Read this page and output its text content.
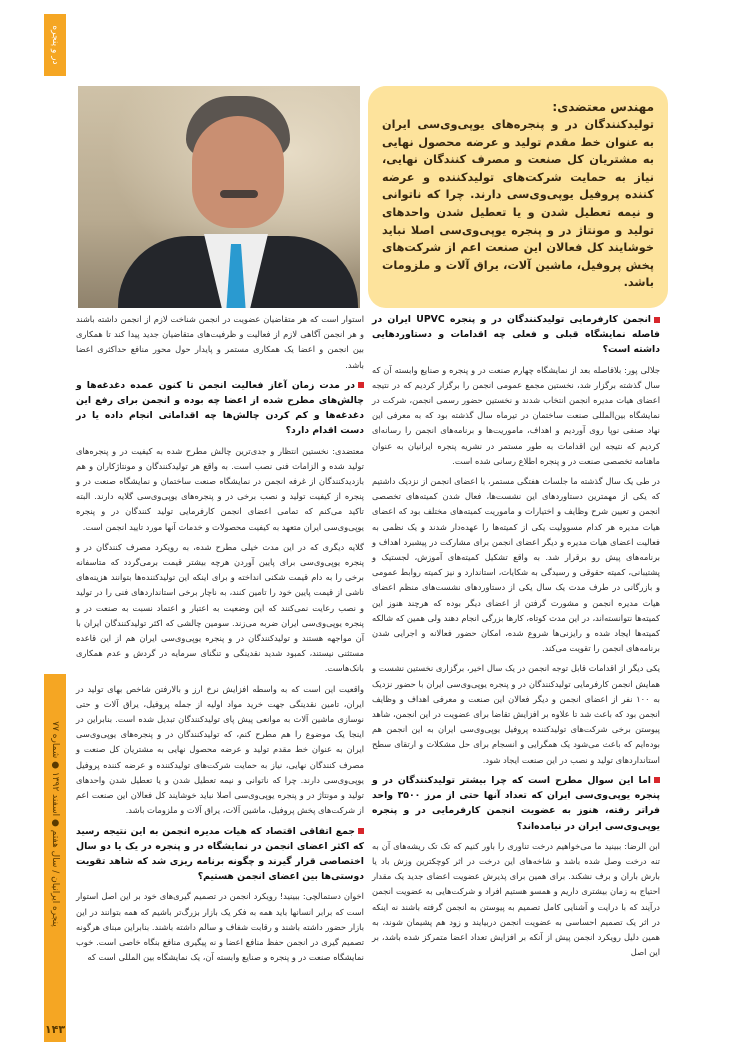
در و پنجره
پنجره ایرانیان / سال هفتم ● اسفند ۱۳۹۲ ● شماره ۷۷
۱۴۳

مهندس معتضدی:

تولیدکنندگان در و پنجره‌های یوپی‌وی‌سی ایران به عنوان خط مقدم تولید و عرضه محصول نهایی به مشتریان کل صنعت و مصرف کنندگان نهایی، نیاز به حمایت شرکت‌های تولیدکننده و عرضه کننده پروفیل یوپی‌وی‌سی دارند. چرا که ناتوانی و نیمه تعطیل شدن و یا تعطیل شدن واحدهای تولید و مونتاژ در و پنجره یوپی‌وی‌سی اصلا نباید خوشایند کل فعالان این صنعت اعم از شرکت‌های پخش پروفیل، ماشین آلات، یراق آلات و ملزومات باشد.

انجمن کارفرمایی تولیدکنندگان در و پنجره UPVC ایران در فاصله نمایشگاه قبلی و فعلی چه اقدامات و دستاوردهایی داشته است؟

جلالی پور: بلافاصله بعد از نمایشگاه چهارم صنعت در و پنجره و صنایع وابسته آن که سال گذشته برگزار شد، نخستین مجمع عمومی انجمن را برگزار کردیم که در نتیجه اعضای هیات مدیره انجمن انتخاب شدند و نخستین حضور رسمی انجمن، شرکت در نمایشگاه بین‌المللی صنعت ساختمان در تیرماه سال گذشته بود که به معرفی این نهاد صنفی نوپا روی آوردیم و اهداف، ماموریت‌ها و برنامه‌های انجمن را رسانه‌ای کردیم که نتیجه این اقدامات به طور مستمر در نشریه پنجره ایرانیان به عنوان ماهنامه تخصصی صنعت در و پنجره اطلاع رسانی شده است.

در طی یک سال گذشته ما جلسات هفتگی مستمر، با اعضای انجمن از نزدیک داشتیم که یکی از مهمترین دستاوردهای این نشست‌ها، فعال شدن کمیته‌های تخصصی انجمن و تعیین شرح وظایف و اختیارات و ماموریت کمیته‌های مختلف بود که اعضای هیات مدیره هر کدام مسوولیت یکی از کمیته‌ها را عهده‌دار شدند و یک نظمی به فعالیت اعضای هیات مدیره و دیگر اعضای انجمن برای مشارکت در پیشبرد اهداف و برنامه‌های پیش رو برقرار شد. به واقع تشکیل کمیته‌های آموزش، لجستیک و پشتیبانی، کمیته حقوقی و رسیدگی به شکایات، استاندارد و نیز کمیته روابط عمومی و بازرگانی در طرف مدت یک سال یکی از دستاوردهای نشست‌های منظم اعضای هیات مدیره انجمن و مشورت گرفتن از اعضای دیگر بوده که هرچند هنوز این کمیته‌ها نتوانسته‌اند، در این مدت کوتاه، کارها بزرگی انجام دهند ولی همین که شالکه کمیته‌ها ایجاد شده و رایزنی‌ها شروع شده، امکان حضور فعالانه و اجرایی شدن برنامه‌های انجمن را تقویت می‌کند.

یکی دیگر از اقدامات قابل توجه انجمن در یک سال اخیر، برگزاری نخستین نشست و همایش انجمن کارفرمایی تولیدکنندگان در و پنجره یوپی‌وی‌سی ایران با حضور نزدیک به ۱۰۰ نفر از اعضای انجمن و دیگر فعالان این صنعت و معرفی اهداف و وظایف انجمن بود که باعث شد تا علاوه بر افزایش تقاضا برای عضویت در این انجمن، شاهد پیوستن برخی شرکت‌های تولیدکننده پروفیل یوپی‌وی‌سی ایران به این انجمن هم بوده‌ایم که باعث می‌شود یک همگرایی و انسجام برای حل مشکلات و ارتقای سطح استانداردهای تولید و نصب در این صنعت ایجاد شود.

اما این سوال مطرح است که چرا بیشتر تولیدکنندگان در و پنجره یوپی‌وی‌سی ایران که تعداد آنها حتی از مرز ۳۵۰۰ واحد فراتر رفته، هنوز به عضویت انجمن کارفرمایی در و پنجره یوپی‌وی‌سی ایران در نیامده‌اند؟

ابن الرضا: ببینید ما می‌خواهیم درخت تناوری را باور کنیم که تک تک ریشه‌های آن به تنه درخت وصل شده باشد و شاخه‌های این درخت در اثر کوچکترین وزش باد یا بارش باران و برف نشکند. برای همین برای پذیرش عضویت اعضای جدید یک مقدار احتیاج به زمان بیشتری داریم و همسو هستیم افراد و شرکت‌هایی به عضویت انجمن درآیند که با درایت و آشنایی کامل تصمیم به پیوستن به انجمن گرفته باشند نه اینکه در اثر یک تصمیم احساسی به عضویت انجمن دربیایند و زود هم پشیمان شوند، به همین دلیل رویکرد انجمن پیش از آنکه بر افزایش تعداد اعضا متمرکز شده باشد، بر این اصل

استوار است که هر متقاضیان عضویت در انجمن شناخت لازم از انجمن داشته باشند و هر انجمن آگاهی لازم از فعالیت و ظرفیت‌های متقاضیان جدید پیدا کند تا همکاری بین انجمن و اعضا یک همکاری مستمر و پایدار حول محور منافع حداکثری اعضا باشد.

در مدت زمان آغاز فعالیت انجمن تا کنون عمده دغدغه‌ها و چالش‌های مطرح شده از اعضا چه بوده و انجمن برای رفع این دغدغه‌ها و کم کردن چالش‌ها چه اقداماتی انجام داده یا در دست اقدام دارد؟

معتضدی: نخستین انتظار و جدی‌ترین چالش مطرح شده به کیفیت در و پنجره‌های تولید شده و الزامات فنی نصب است. به واقع هر تولیدکنندگان و مونتاژکاران و هم بازدیدکنندگان از غرفه انجمن در نمایشگاه صنعت ساختمان و نمایشگاه صنعت در و پنجره از کیفیت تولید و نصب برخی در و پنجره‌های یوپی‌وی‌سی گلایه دارند. البته تاکید می‌کنم که تمامی اعضای انجمن کارفرمایی تولید کنندگان در و پنجره یوپی‌وی‌سی ایران متعهد به کیفیت محصولات و خدمات آنها مورد تایید انجمن است.

گلایه دیگری که در این مدت خیلی مطرح شده، به رویکرد مصرف کنندگان در و پنجره یوپی‌وی‌سی برای پایین آوردن هرچه بیشتر قیمت برمی‌گردد که متاسفانه برخی را به دام قیمت شکنی انداخته و برای اینکه این تولیدکننده‌ها بتوانند هزینه‌های ناشی از قیمت پایین خود را تامین کنند، به ناچار برخی استانداردهای فنی را در تولید و نصب رعایت نمی‌کنند که این وضعیت به اعتبار و اعتماد نسبت به صنعت در و پنجره یوپی‌وی‌سی ایران ضربه می‌زند. سومین چالشی که اکثر تولیدکنندگان ایران با آن مواجهه هستند و تولیدکنندگان در و پنجره یوپی‌وی‌سی ایران هم از این قاعده مستثنی نیستند، کمبود شدید نقدینگی و تنگنای سرمایه در گردش و عدم همکاری بانک‌هاست.

واقعیت این است که به واسطه افزایش نرخ ارز و بالارفتن شاخص بهای تولید در ایران، تامین نقدینگی جهت خرید مواد اولیه از جمله پروفیل، یراق آلات و حتی نوسازی ماشین آلات به موانعی پیش پای تولیدکنندگان تبدیل شده است. بنابراین در اینجا یک موضوع را هم مطرح کنم، که تولیدکنندگان در و پنجره‌های یوپی‌وی‌سی ایران به عنوان خط مقدم تولید و عرضه محصول نهایی به مشتریان کل صنعت و مصرف کنندگان نهایی، نیاز به حمایت شرکت‌های تولیدکننده و عرضه کننده پروفیل یوپی‌وی‌سی دارند. چرا که ناتوانی و نیمه تعطیل شدن و یا تعطیل شدن واحدهای تولید و مونتاژ در و پنجره یوپی‌وی‌سی اصلا نباید خوشایند کل فعالان این صنعت اعم از شرکت‌های پخش پروفیل، ماشین آلات، یراق آلات و ملزومات باشد.

جمع اتفاقی اقتصاد که هیات مدیره انجمن به این نتیجه رسید که اکثر اعضای انجمن در نمایشگاه در و پنجره در یک یا دو سال اختصاصی قرار گیرند و چگونه برنامه ریزی شد که شاهد تقویت دوستی‌ها بین اعضای انجمن هستیم؟

اخوان دستمالچی: ببینید! رویکرد انجمن در تصمیم گیری‌های خود بر این اصل استوار است که برابر انسانها باید همه به فکر یک بازار بزرگ‌تر باشیم که همه بتوانند در این بازار حضور داشته باشند و رقابت شفاف و سالم داشته باشند. بنابراین مبنای هرگونه تصمیم گیری در انجمن حفظ منافع اعضا و نه پیگیری منافع بنگاه خاصی است. خوب نمایشگاه صنعت در و پنجره و صنایع وابسته آن، یک نمایشگاه بین المللی است که
